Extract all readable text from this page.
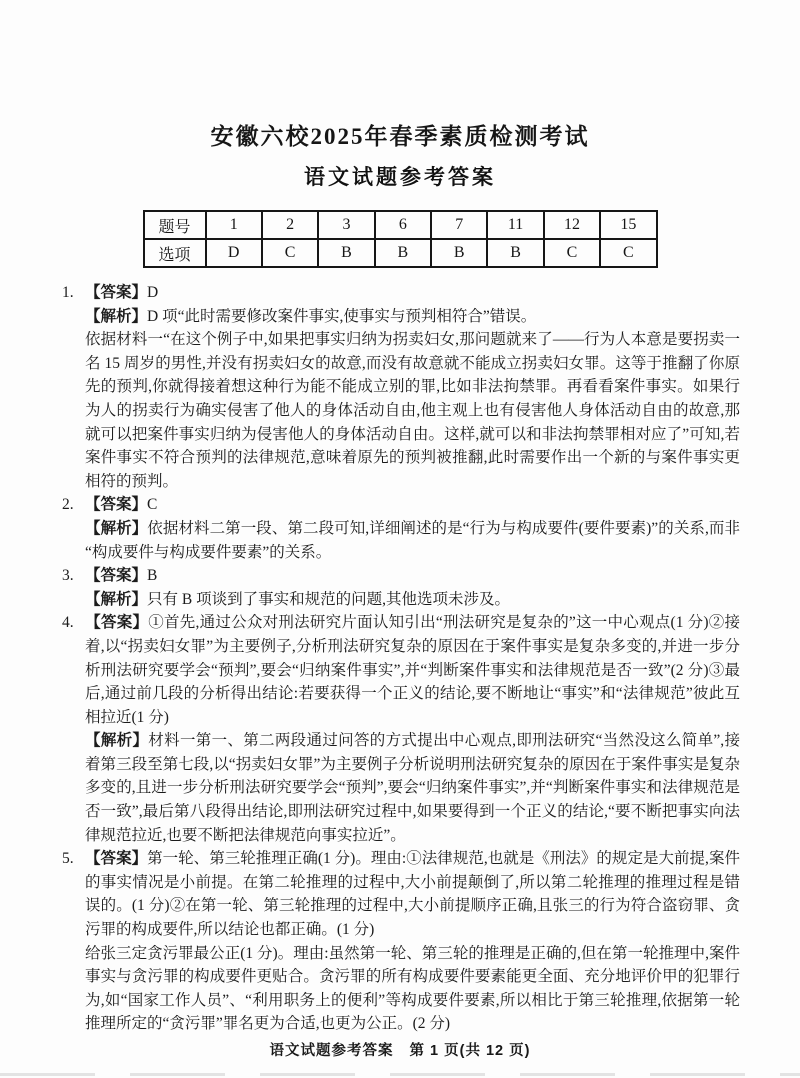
安徽六校2025年春季素质检测考试
语文试题参考答案
题号	1	2	3	6	7	11	12	15
选项	D	C	B	B	B	B	C	C

1. 【答案】D

【解析】D 项“此时需要修改案件事实,使事实与预判相符合”错误。

依据材料一“在这个例子中,如果把事实归纳为拐卖妇女,那问题就来了——行为人本意是要拐卖一名 15 周岁的男性,并没有拐卖妇女的故意,而没有故意就不能成立拐卖妇女罪。这等于推翻了你原先的预判,你就得接着想这种行为能不能成立别的罪,比如非法拘禁罪。再看看案件事实。如果行为人的拐卖行为确实侵害了他人的身体活动自由,他主观上也有侵害他人身体活动自由的故意,那就可以把案件事实归纳为侵害他人的身体活动自由。这样,就可以和非法拘禁罪相对应了”可知,若案件事实不符合预判的法律规范,意味着原先的预判被推翻,此时需要作出一个新的与案件事实更相符的预判。

2. 【答案】C

【解析】依据材料二第一段、第二段可知,详细阐述的是“行为与构成要件(要件要素)”的关系,而非“构成要件与构成要件要素”的关系。

3. 【答案】B

【解析】只有 B 项谈到了事实和规范的问题,其他选项未涉及。

4. 【答案】①首先,通过公众对刑法研究片面认知引出“刑法研究是复杂的”这一中心观点(1 分)②接着,以“拐卖妇女罪”为主要例子,分析刑法研究复杂的原因在于案件事实是复杂多变的,并进一步分析刑法研究要学会“预判”,要会“归纳案件事实”,并“判断案件事实和法律规范是否一致”(2 分)③最后,通过前几段的分析得出结论:若要获得一个正义的结论,要不断地让“事实”和“法律规范”彼此互相拉近(1 分)

【解析】材料一第一、第二两段通过问答的方式提出中心观点,即刑法研究“当然没这么简单”,接着第三段至第七段,以“拐卖妇女罪”为主要例子分析说明刑法研究复杂的原因在于案件事实是复杂多变的,且进一步分析刑法研究要学会“预判”,要会“归纳案件事实”,并“判断案件事实和法律规范是否一致”,最后第八段得出结论,即刑法研究过程中,如果要得到一个正义的结论,“要不断把事实向法律规范拉近,也要不断把法律规范向事实拉近”。

5. 【答案】第一轮、第三轮推理正确(1 分)。理由:①法律规范,也就是《刑法》的规定是大前提,案件的事实情况是小前提。在第二轮推理的过程中,大小前提颠倒了,所以第二轮推理的推理过程是错误的。(1 分)②在第一轮、第三轮推理的过程中,大小前提顺序正确,且张三的行为符合盗窃罪、贪污罪的构成要件,所以结论也都正确。(1 分)

给张三定贪污罪最公正(1 分)。理由:虽然第一轮、第三轮的推理是正确的,但在第一轮推理中,案件事实与贪污罪的构成要件更贴合。贪污罪的所有构成要件要素能更全面、充分地评价甲的犯罪行为,如“国家工作人员”、“利用职务上的便利”等构成要件要素,所以相比于第三轮推理,依据第一轮推理所定的“贪污罪”罪名更为合适,也更为公正。(2 分)

语文试题参考答案 第 1 页(共 12 页)
